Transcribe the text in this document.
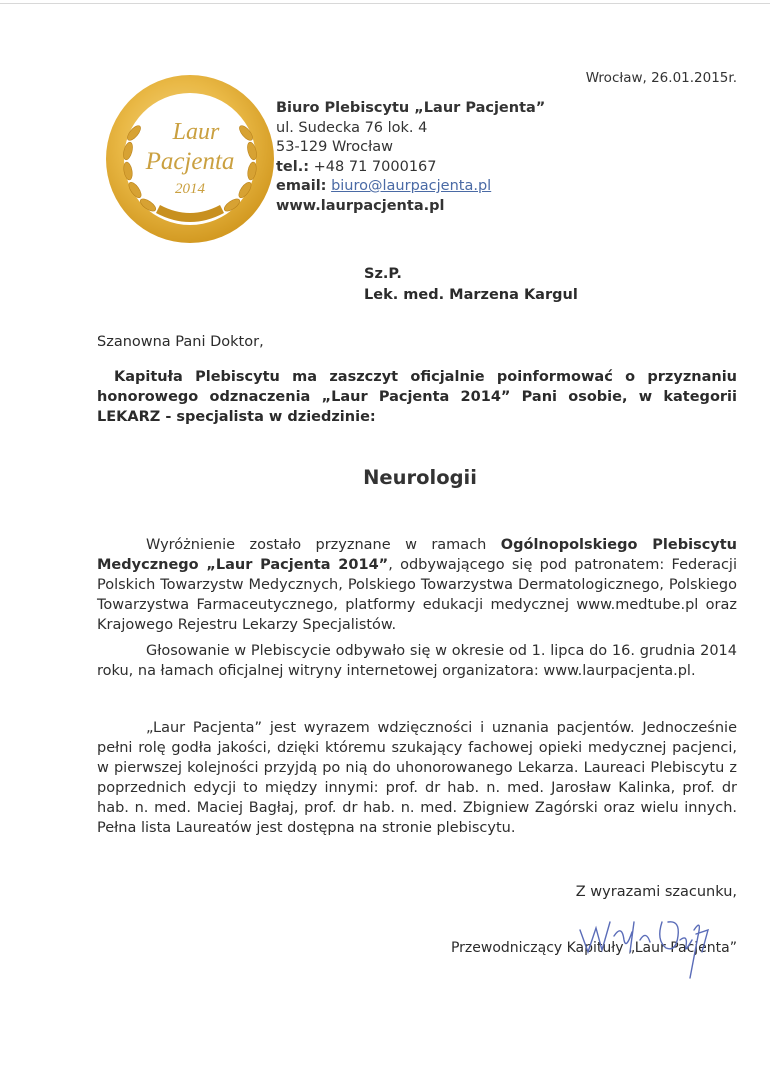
Wrocław, 26.01.2015r.
Laur
Pacjenta
2014
Biuro Plebiscytu „Laur Pacjenta”
ul. Sudecka 76 lok. 4
53-129 Wrocław
tel.: +48 71 7000167
email: biuro@laurpacjenta.pl
www.laurpacjenta.pl
Sz.P.
Lek. med. Marzena Kargul
Szanowna Pani Doktor,
Kapituła Plebiscytu ma zaszczyt oficjalnie poinformować o przyznaniu honorowego odznaczenia „Laur Pacjenta 2014” Pani osobie, w kategorii LEKARZ - specjalista w dziedzinie:
Neurologii
Wyróżnienie zostało przyznane w ramach Ogólnopolskiego Plebiscytu Medycznego „Laur Pacjenta 2014”, odbywającego się pod patronatem: Federacji Polskich Towarzystw Medycznych, Polskiego Towarzystwa Dermatologicznego, Polskiego Towarzystwa Farmaceutycznego, platformy edukacji medycznej www.medtube.pl oraz Krajowego Rejestru Lekarzy Specjalistów.
Głosowanie w Plebiscycie odbywało się w okresie od 1. lipca do 16. grudnia 2014 roku, na łamach oficjalnej witryny internetowej organizatora: www.laurpacjenta.pl.
„Laur Pacjenta” jest wyrazem wdzięczności i uznania pacjentów. Jednocześnie pełni rolę godła jakości, dzięki któremu szukający fachowej opieki medycznej pacjenci, w pierwszej kolejności przyjdą po nią do uhonorowanego Lekarza. Laureaci Plebiscytu z poprzednich edycji to między innymi: prof. dr hab. n. med. Jarosław Kalinka, prof. dr hab. n. med. Maciej Bagłaj, prof. dr hab. n. med. Zbigniew Zagórski oraz wielu innych. Pełna lista Laureatów jest dostępna na stronie plebiscytu.
Z wyrazami szacunku,
Przewodniczący Kapituły „Laur Pacjenta”
